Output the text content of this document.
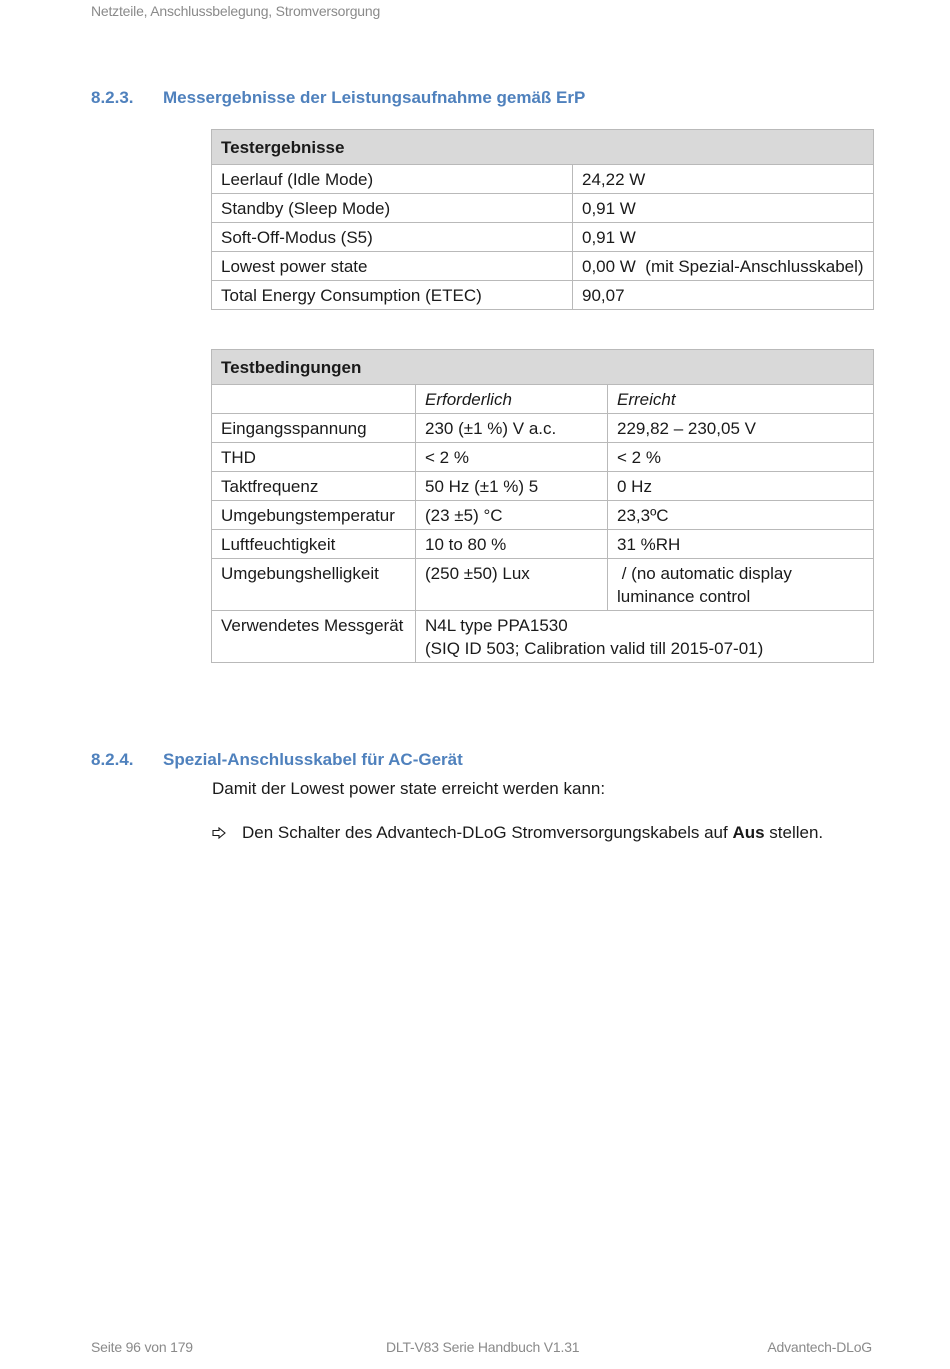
Netzteile, Anschlussbelegung, Stromversorgung
8.2.3. Messergebnisse der Leistungsaufnahme gemäß ErP
Testergebnisse	
Leerlauf (Idle Mode)	24,22 W
Standby (Sleep Mode)	0,91 W
Soft-Off-Modus (S5)	0,91 W
Lowest power state	0,00 W  (mit Spezial-Anschlusskabel)
Total Energy Consumption (ETEC)	90,07
Testbedingungen		
	Erforderlich	Erreicht
Eingangsspannung	230 (±1 %) V a.c.	229,82 – 230,05 V
THD	< 2 %	< 2 %
Taktfrequenz	50 Hz (±1 %) 5	0 Hz
Umgebungstemperatur	(23 ±5) °C	23,3ºC
Luftfeuchtigkeit	10 to 80 %	31 %RH
Umgebungshelligkeit	(250 ±50) Lux	/ (no automatic display luminance control
Verwendetes Messgerät	N4L type PPA1530
(SIQ ID 503; Calibration valid till 2015-07-01)	
8.2.4. Spezial-Anschlusskabel für AC-Gerät
Damit der Lowest power state erreicht werden kann:
Den Schalter des Advantech-DLoG Stromversorgungskabels auf Aus stellen.
Seite 96 von 179	DLT-V83 Serie Handbuch V1.31	Advantech-DLoG
